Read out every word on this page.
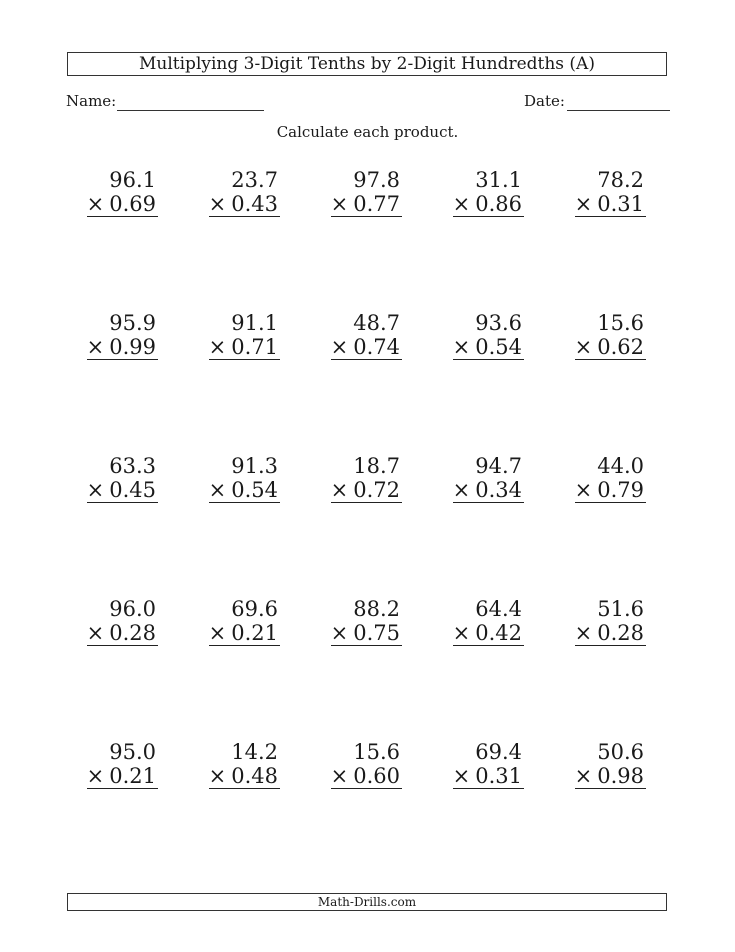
Multiplying 3-Digit Tenths by 2-Digit Hundredths (A)
Name:	Date:
Calculate each product.
96.1
× 0.69
23.7
× 0.43
97.8
× 0.77
31.1
× 0.86
78.2
× 0.31
95.9
× 0.99
91.1
× 0.71
48.7
× 0.74
93.6
× 0.54
15.6
× 0.62
63.3
× 0.45
91.3
× 0.54
18.7
× 0.72
94.7
× 0.34
44.0
× 0.79
96.0
× 0.28
69.6
× 0.21
88.2
× 0.75
64.4
× 0.42
51.6
× 0.28
95.0
× 0.21
14.2
× 0.48
15.6
× 0.60
69.4
× 0.31
50.6
× 0.98
Math-Drills.com
